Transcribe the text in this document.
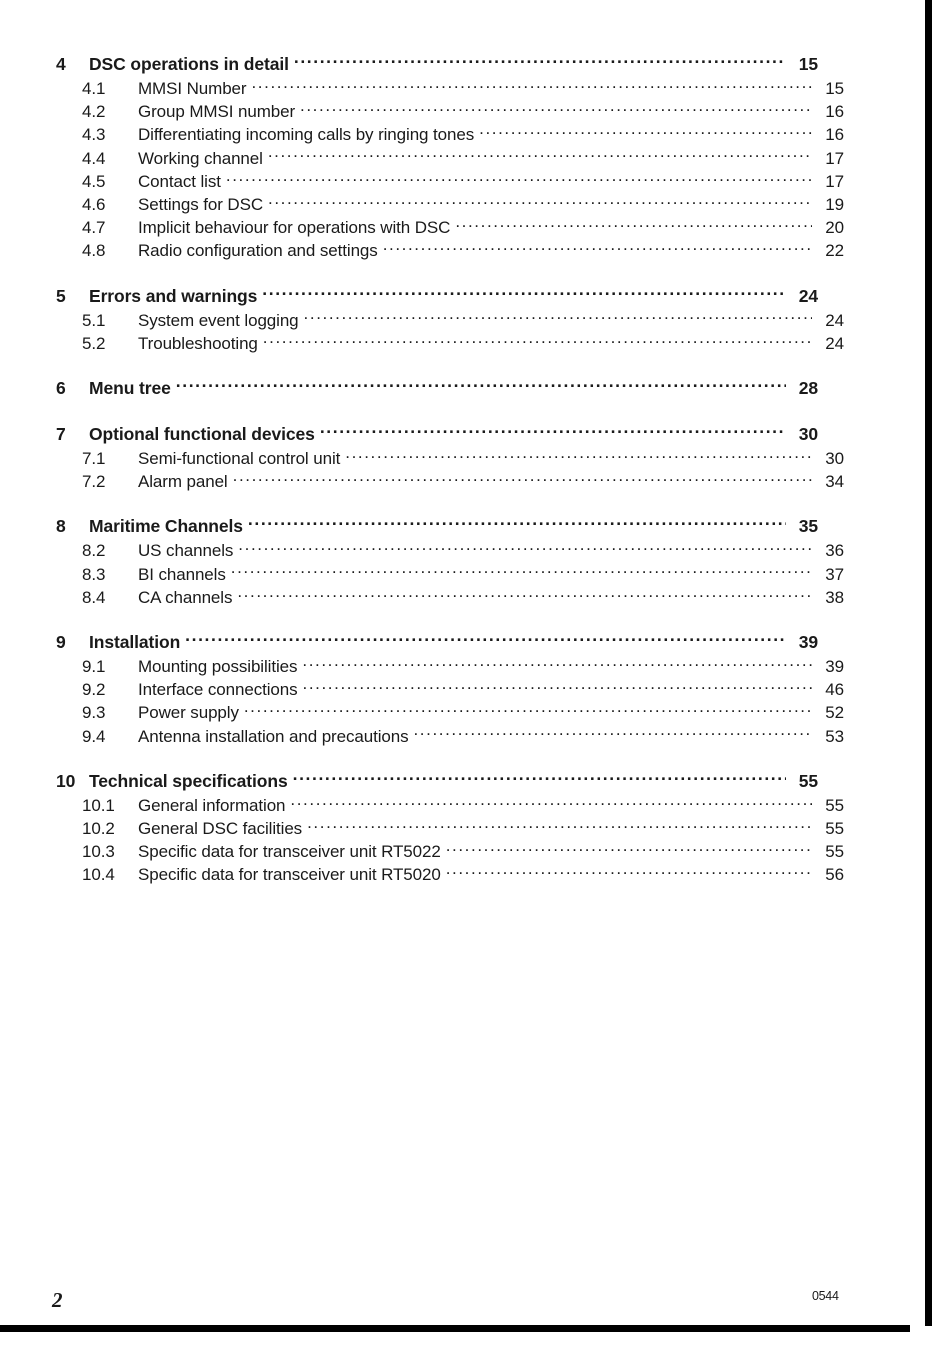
4	DSC operations in detail .....	15
4.1	MMSI Number .....	15
4.2	Group MMSI number .....	16
4.3	Differentiating incoming calls by ringing tones .....	16
4.4	Working channel .....	17
4.5	Contact list .....	17
4.6	Settings for DSC .....	19
4.7	Implicit behaviour for operations with DSC .....	20
4.8	Radio configuration and settings .....	22
5	Errors and warnings .....	24
5.1	System event logging .....	24
5.2	Troubleshooting .....	24
6	Menu tree .....	28
7	Optional functional devices .....	30
7.1	Semi-functional control unit .....	30
7.2	Alarm panel .....	34
8	Maritime Channels .....	35
8.2	US channels .....	36
8.3	BI channels .....	37
8.4	CA channels .....	38
9	Installation .....	39
9.1	Mounting possibilities .....	39
9.2	Interface connections .....	46
9.3	Power supply .....	52
9.4	Antenna installation and precautions .....	53
10 Technical specifications .....	55
10.1	General information .....	55
10.2	General DSC facilities .....	55
10.3	Specific data for transceiver unit RT5022 .....	55
10.4	Specific data for transceiver unit RT5020 .....	56
2	0544
